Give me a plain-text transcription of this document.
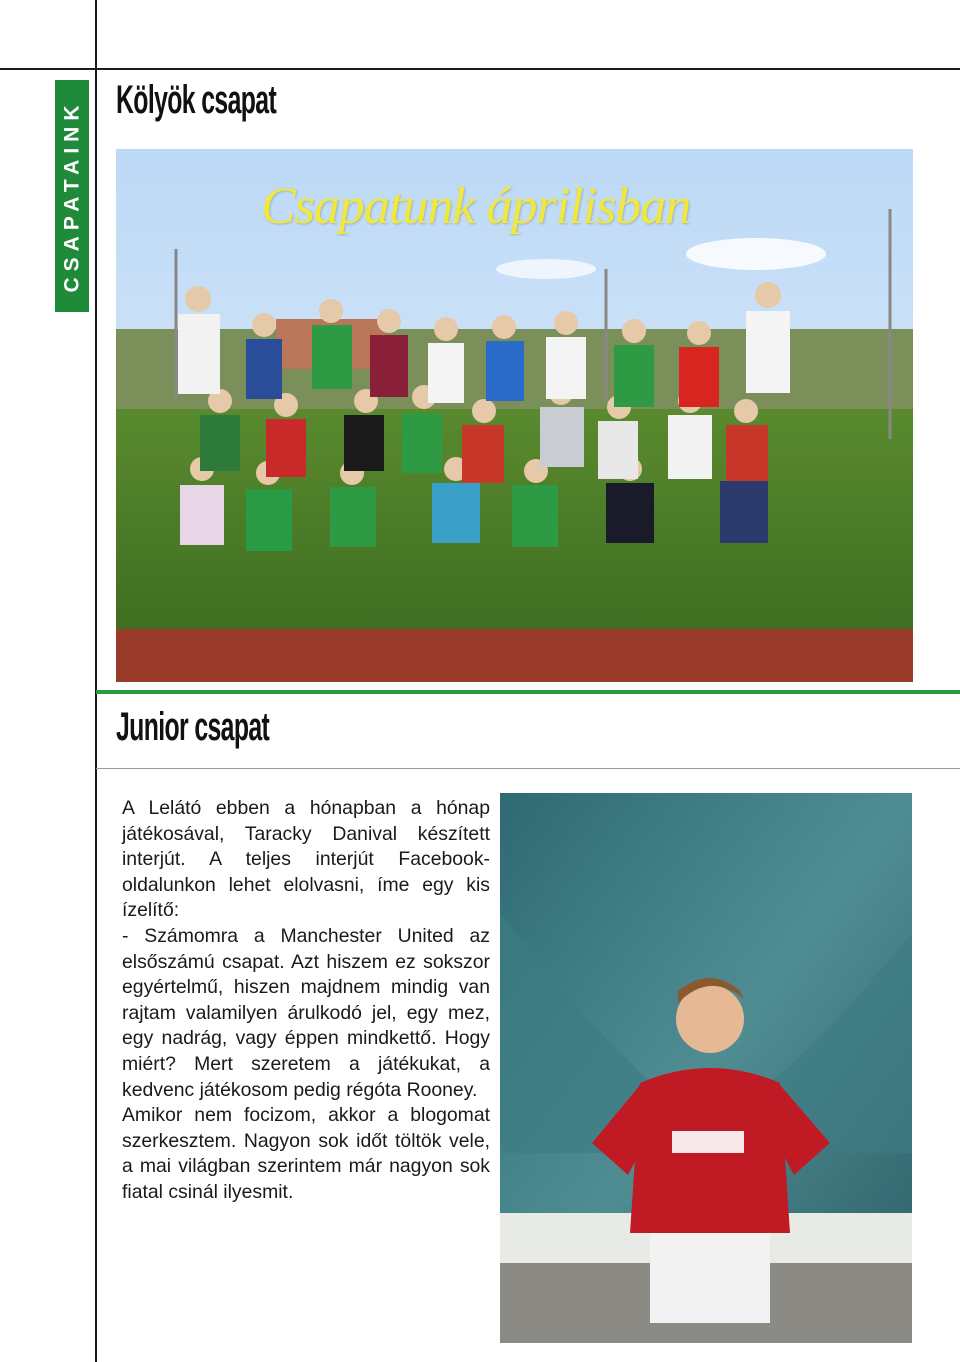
CSAPATAINK Kölyök csapat
Csapatunk áprilisban
Junior csapat

A Lelátó ebben a hónapban a hónap játékosával, Taracky Danival készített interjút. A teljes interjút Facebook-oldalunkon lehet elolvasni, íme egy kis ízelítő:

- Számomra a Manchester United az elsőszámú csapat. Azt hiszem ez sokszor egyértelmű, hiszen majdnem mindig van rajtam valamilyen árulkodó jel, egy mez, egy nadrág, vagy éppen mindkettő. Hogy miért? Mert szeretem a játékukat, a kedvenc játékosom pedig régóta Rooney.

Amikor nem focizom, akkor a blogomat szerkesztem. Nagyon sok időt töltök vele, a mai világban szerintem már nagyon sok fiatal csinál ilyesmit.
